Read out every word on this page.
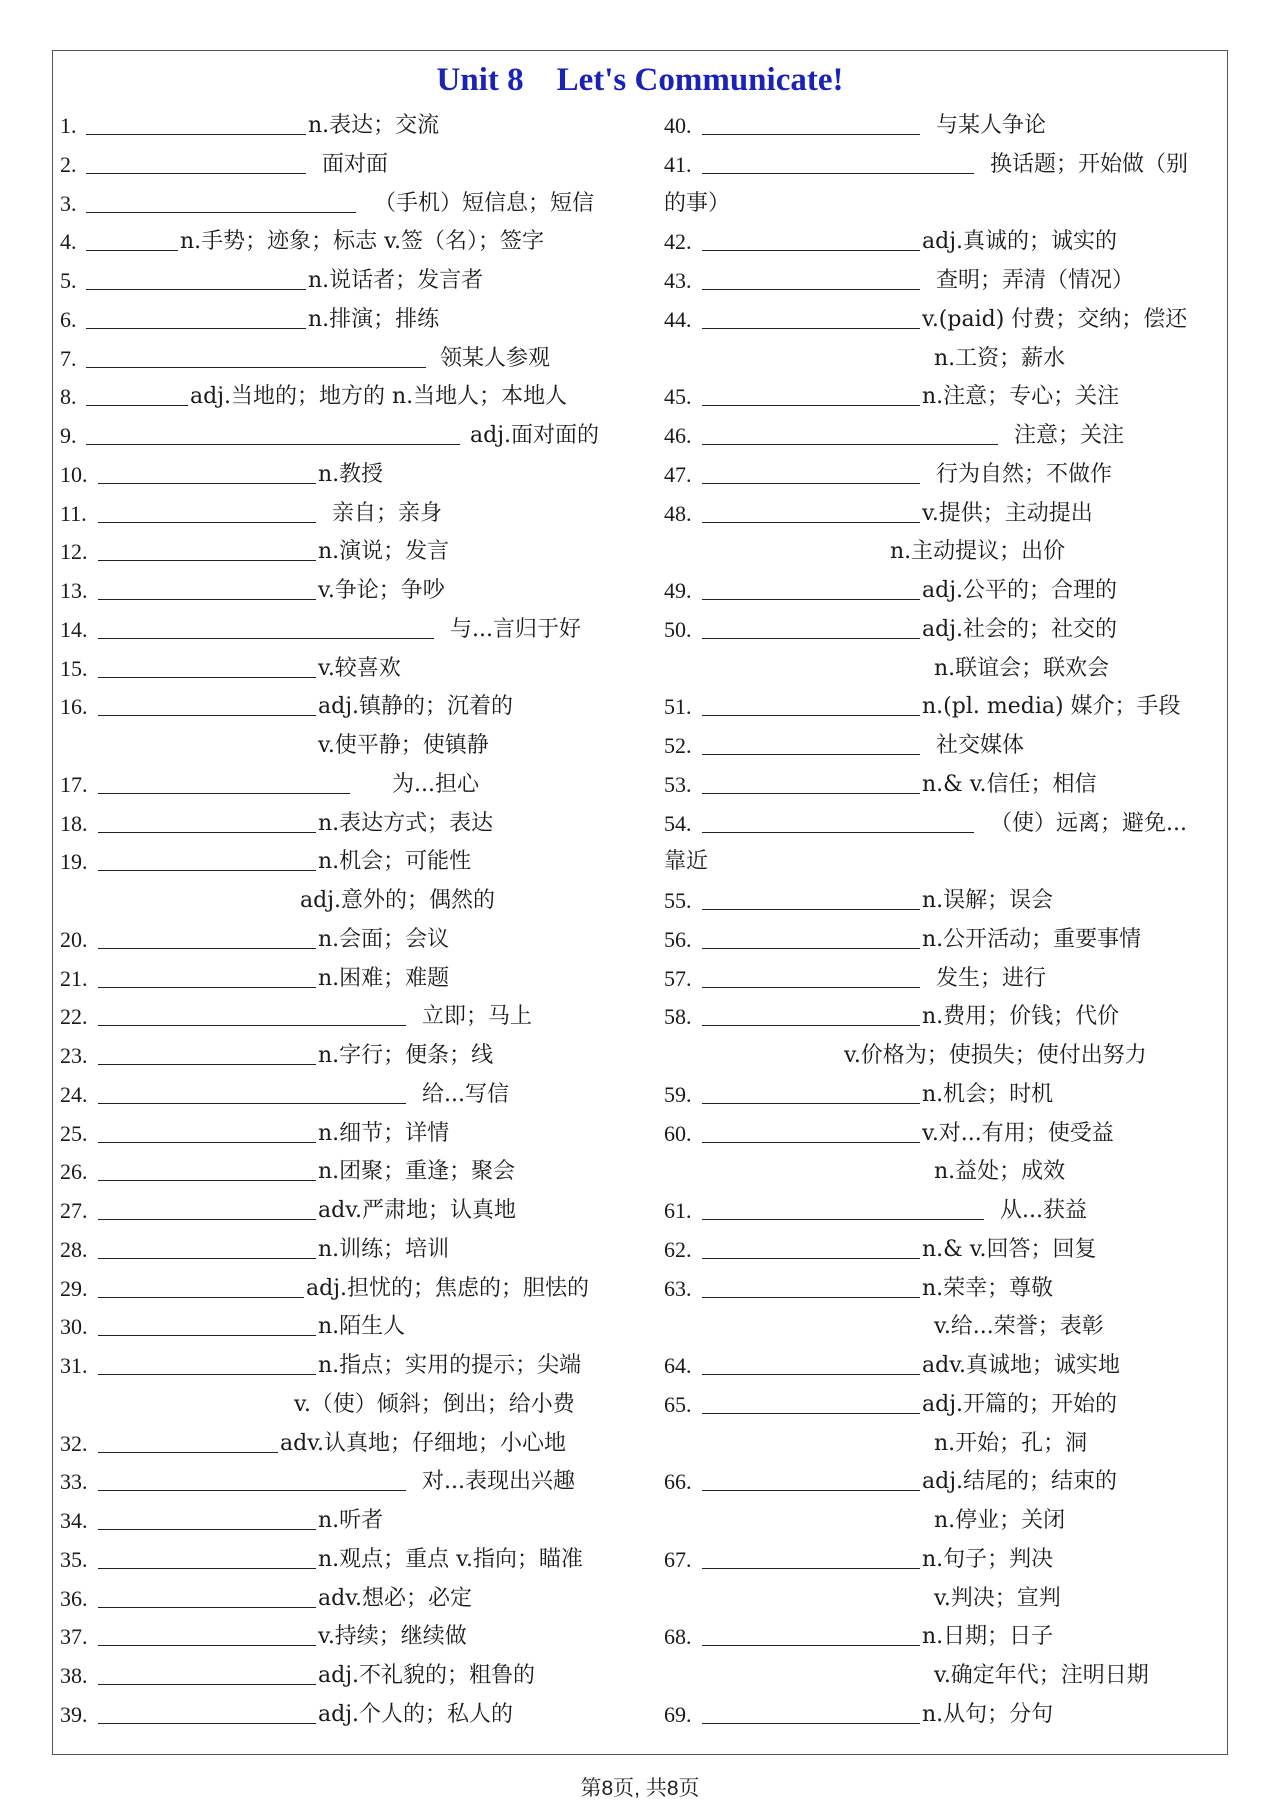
Unit 8    Let's Communicate!
1.	n.表达；交流
2.	面对面
3.	（手机）短信息；短信
4.	n.手势；迹象；标志 v.签（名）；签字
5.	n.说话者；发言者
6.	n.排演；排练
7.	领某人参观
8.	adj.当地的；地方的 n.当地人；本地人
9.	adj.面对面的
10.	n.教授
11.	亲自；亲身
12.	n.演说；发言
13.	v.争论；争吵
14.	与...言归于好
15.	v.较喜欢
16.	adj.镇静的；沉着的
v.使平静；使镇静
17.	为...担心
18.	n.表达方式；表达
19.	n.机会；可能性
adj.意外的；偶然的
20.	n.会面；会议
21.	n.困难；难题
22.	立即；马上
23.	n.字行；便条；线
24.	给...写信
25.	n.细节；详情
26.	n.团聚；重逢；聚会
27.	adv.严肃地；认真地
28.	n.训练；培训
29.	adj.担忧的；焦虑的；胆怯的
30.	n.陌生人
31.	n.指点；实用的提示；尖端
v.（使）倾斜；倒出；给小费
32.	adv.认真地；仔细地；小心地
33.	对...表现出兴趣
34.	n.听者
35.	n.观点；重点 v.指向；瞄准
36.	adv.想必；必定
37.	v.持续；继续做
38.	adj.不礼貌的；粗鲁的
39.	adj.个人的；私人的
40.	与某人争论
41.	换话题；开始做（别
的事）
42.	adj.真诚的；诚实的
43.	查明；弄清（情况）
44.	v.(paid) 付费；交纳；偿还
n.工资；薪水
45.	n.注意；专心；关注
46.	注意；关注
47.	行为自然；不做作
48.	v.提供；主动提出
n.主动提议；出价
49.	adj.公平的；合理的
50.	adj.社会的；社交的
n.联谊会；联欢会
51.	n.(pl. media) 媒介；手段
52.	社交媒体
53.	n.& v.信任；相信
54.	（使）远离；避免...
靠近
55.	n.误解；误会
56.	n.公开活动；重要事情
57.	发生；进行
58.	n.费用；价钱；代价
v.价格为；使损失；使付出努力
59.	n.机会；时机
60.	v.对...有用；使受益
n.益处；成效
61.	从...获益
62.	n.& v.回答；回复
63.	n.荣幸；尊敬
v.给...荣誉；表彰
64.	adv.真诚地；诚实地
65.	adj.开篇的；开始的
n.开始；孔；洞
66.	adj.结尾的；结束的
n.停业；关闭
67.	n.句子；判决
v.判决；宣判
68.	n.日期；日子
v.确定年代；注明日期
69.	n.从句；分句
第8页, 共8页
